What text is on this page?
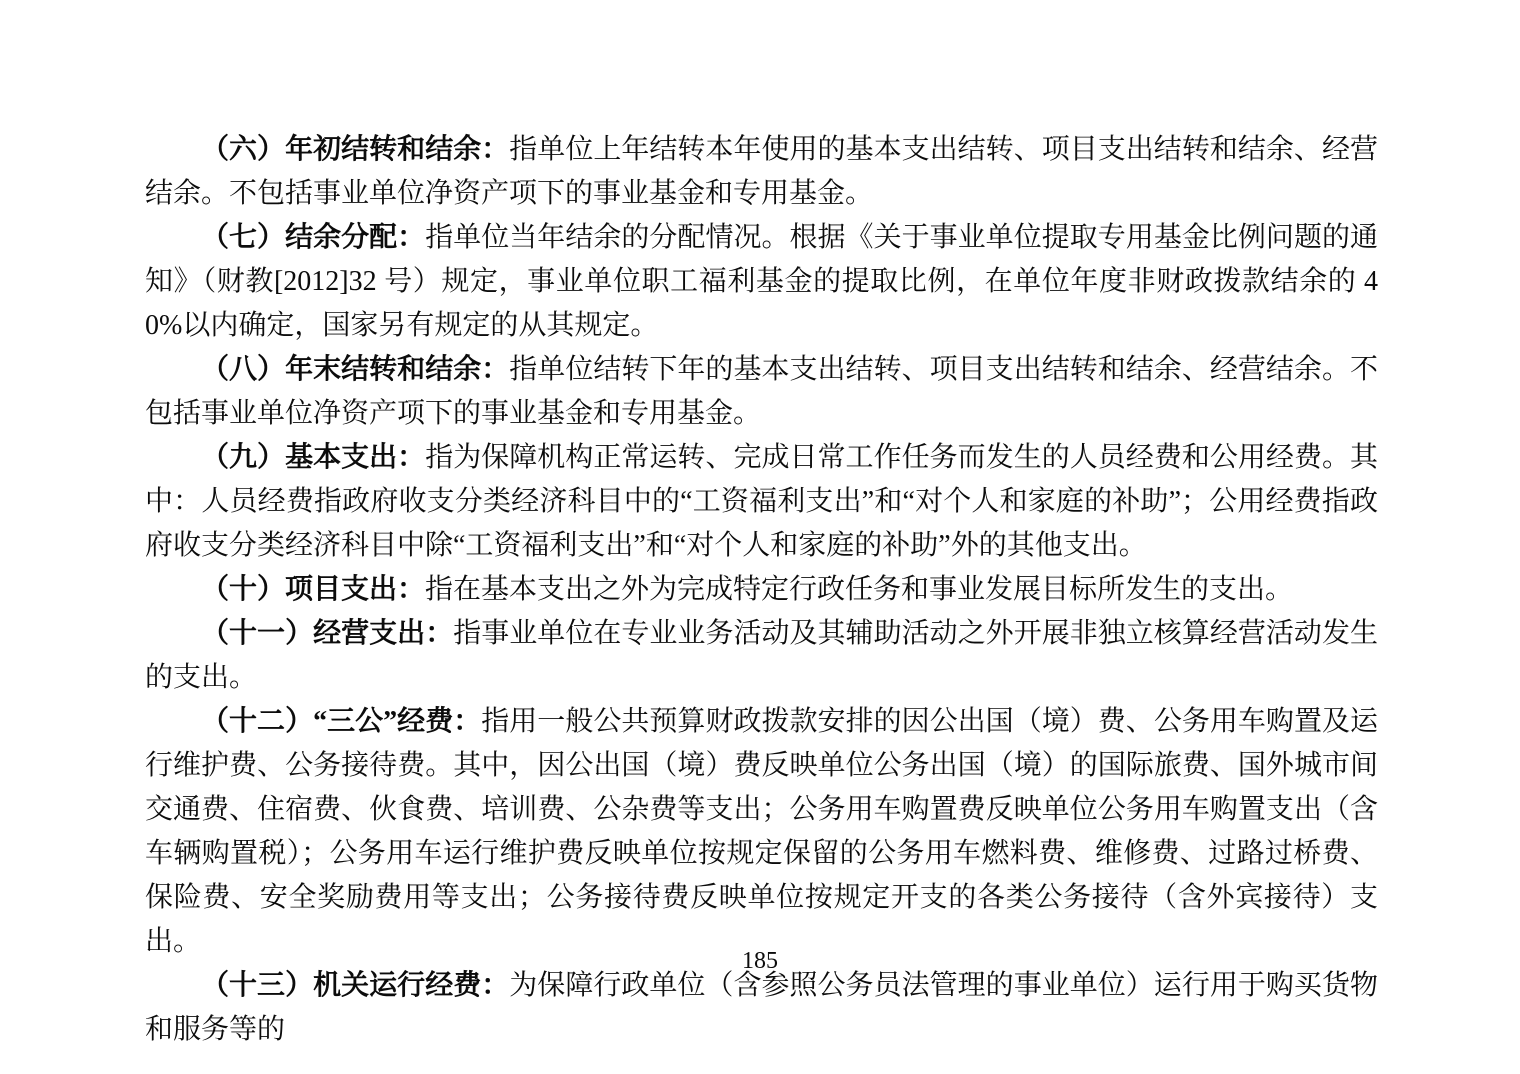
（六）年初结转和结余：指单位上年结转本年使用的基本支出结转、项目支出结转和结余、经营结余。不包括事业单位净资产项下的事业基金和专用基金。

（七）结余分配：指单位当年结余的分配情况。根据《关于事业单位提取专用基金比例问题的通知》（财教[2012]32 号）规定，事业单位职工福利基金的提取比例，在单位年度非财政拨款结余的 40%以内确定，国家另有规定的从其规定。

（八）年末结转和结余：指单位结转下年的基本支出结转、项目支出结转和结余、经营结余。不包括事业单位净资产项下的事业基金和专用基金。

（九）基本支出：指为保障机构正常运转、完成日常工作任务而发生的人员经费和公用经费。其中：人员经费指政府收支分类经济科目中的“工资福利支出”和“对个人和家庭的补助”；公用经费指政府收支分类经济科目中除“工资福利支出”和“对个人和家庭的补助”外的其他支出。

（十）项目支出：指在基本支出之外为完成特定行政任务和事业发展目标所发生的支出。

（十一）经营支出：指事业单位在专业业务活动及其辅助活动之外开展非独立核算经营活动发生的支出。

（十二）“三公”经费：指用一般公共预算财政拨款安排的因公出国（境）费、公务用车购置及运行维护费、公务接待费。其中，因公出国（境）费反映单位公务出国（境）的国际旅费、国外城市间交通费、住宿费、伙食费、培训费、公杂费等支出；公务用车购置费反映单位公务用车购置支出（含车辆购置税）；公务用车运行维护费反映单位按规定保留的公务用车燃料费、维修费、过路过桥费、保险费、安全奖励费用等支出；公务接待费反映单位按规定开支的各类公务接待（含外宾接待）支出。

（十三）机关运行经费：为保障行政单位（含参照公务员法管理的事业单位）运行用于购买货物和服务等的

185
